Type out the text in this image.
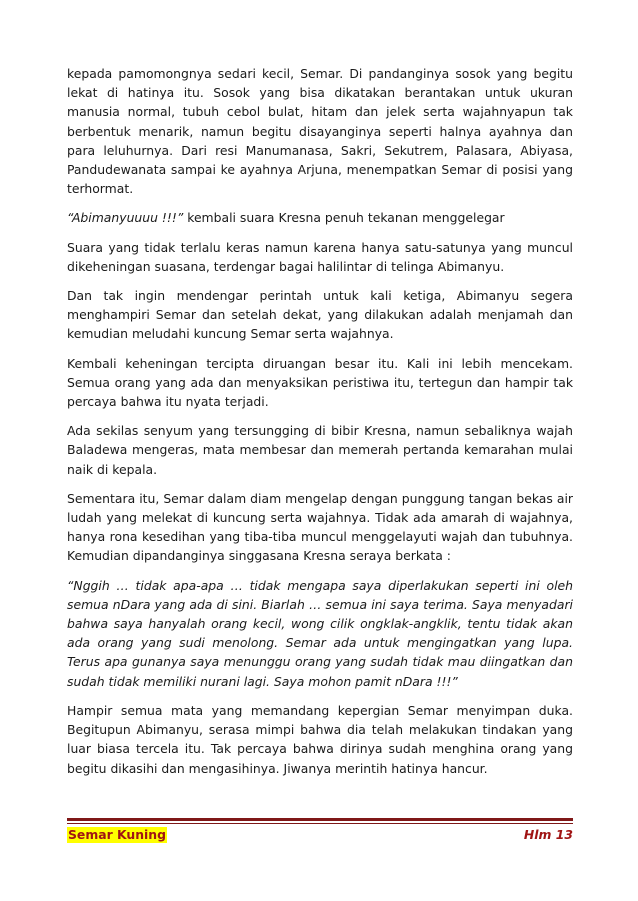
kepada pamomongnya sedari kecil, Semar. Di pandanginya sosok yang begitu lekat di hatinya itu. Sosok yang bisa dikatakan berantakan untuk ukuran manusia normal, tubuh cebol bulat, hitam dan jelek serta wajahnyapun tak berbentuk menarik, namun begitu disayanginya seperti halnya ayahnya dan para leluhurnya. Dari resi Manumanasa, Sakri, Sekutrem, Palasara, Abiyasa, Pandudewanata sampai ke ayahnya Arjuna, menempatkan Semar di posisi yang terhormat.

“Abimanyuuuu !!!” kembali suara Kresna penuh tekanan menggelegar

Suara yang tidak terlalu keras namun karena hanya satu-satunya yang muncul dikeheningan suasana, terdengar bagai halilintar di telinga Abimanyu.

Dan tak ingin mendengar perintah untuk kali ketiga, Abimanyu segera menghampiri Semar dan setelah dekat, yang dilakukan adalah menjamah dan kemudian meludahi kuncung Semar serta wajahnya.

Kembali keheningan tercipta diruangan besar itu. Kali ini lebih mencekam. Semua orang yang ada dan menyaksikan peristiwa itu, tertegun dan hampir tak percaya bahwa itu nyata terjadi.

Ada sekilas senyum yang tersungging di bibir Kresna, namun sebaliknya wajah Baladewa mengeras, mata membesar dan memerah pertanda kemarahan mulai naik di kepala.

Sementara itu, Semar dalam diam mengelap dengan punggung tangan bekas air ludah yang melekat di kuncung serta wajahnya. Tidak ada amarah di wajahnya, hanya rona kesedihan yang tiba-tiba muncul menggelayuti wajah dan tubuhnya. Kemudian dipandanginya singgasana Kresna seraya berkata :

“Nggih … tidak apa-apa … tidak mengapa saya diperlakukan seperti ini oleh semua nDara yang ada di sini. Biarlah … semua ini saya terima. Saya menyadari bahwa saya hanyalah orang kecil, wong cilik ongklak-angklik, tentu tidak akan ada orang yang sudi menolong. Semar ada untuk mengingatkan yang lupa. Terus apa gunanya saya menunggu orang yang sudah tidak mau diingatkan dan sudah tidak memiliki nurani lagi. Saya mohon pamit nDara !!!”

Hampir semua mata yang memandang kepergian Semar menyimpan duka. Begitupun Abimanyu, serasa mimpi bahwa dia telah melakukan tindakan yang luar biasa tercela itu. Tak percaya bahwa dirinya sudah menghina orang yang begitu dikasihi dan mengasihinya. Jiwanya merintih hatinya hancur.

Semar Kuning	Hlm 13
